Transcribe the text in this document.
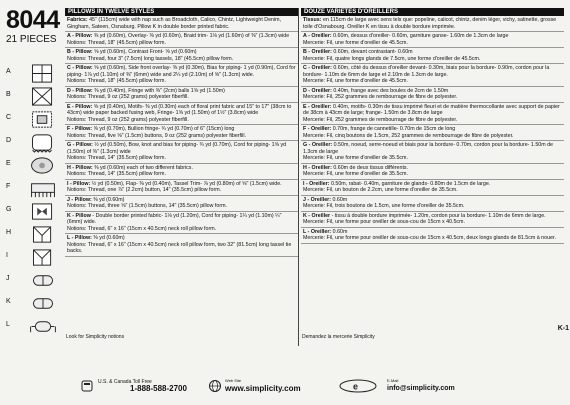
8044
21 PIECES
A
B
C
D
E
F
G
H
I
J
K
L
PILLOWS IN TWELVE STYLES
Fabrics: 45" (115cm) wide with nap such as Broadcloth, Calico, Chintz, Lightweight Denim, Gingham, Sateen, Osnaburg. Pillow K in double border printed fabric.
A - Pillow: ⅜ yd (0.60m), Overlay- ⅜ yd (0.60m), Braid trim- 1⅛ yd (1.60m) of ⅜" (1.3cm) wide
Notions: Thread, 18" (45.5cm) pillow form.
B - Pillow: ⅝ yd (0.60m), Contrast Front- ⅝ yd (0.60m)
Notions: Thread, four 3" (7.5cm) long tassels, 18" (45.5cm) pillow form.
C - Pillow: ⅝ yd (0.60m), Side front overlay- ⅜ yd (0.30m), Bias for piping- 1 yd (0.90m), Cord for piping- 1⅞ yd (1.10m) of ⅜" (6mm) wide and 2¼ yd (2.10m) of ⅝" (1.3cm) wide.
Notions: Thread, 18" (45.5cm) pillow form.
D - Pillow: ⅜ yd (0.40m), Fringe with ⅜" (2cm) balls 1⅝ yd (1.50m)
Notions: Thread, 9 oz (252 grams) polyester fiberfill.
E - Pillow: ⅝ yd (0.40m), Motifs- ⅜ yd (0.30m) each of floral print fabric and 15" to 17" (38cm to 43cm) wide paper backed fusing web, Fringe- 1⅝ yd (1.50m) of 1½" (3.8cm) wide
Notions: Thread, 9 oz (252 grams) polyester fiberfill.
F - Pillow: ⅝ yd (0.70m), Bullion fringe- ¾ yd (0.70m) of 6" (15cm) long
Notions: Thread, five ⅝" (1.5cm) buttons, 9 oz (252 grams) polyester fiberfill.
G - Pillow: ½ yd (0.50m), Bow, knot and bias for piping- ¾ yd (0.70m), Cord for piping- 1⅝ yd (1.50m) of ⅜" (1.3cm) wide
Notions: Thread, 14" (35.5cm) pillow form.
H - Pillow: ⅜ yd (0.60m) each of two different fabrics.
Notions: Thread, 14" (35.5cm) pillow form.
I - Pillow: ½ yd (0.50m), Flap- ⅜ yd (0.40m), Tassel Trim- ⅞ yd (0.80m) of ⅝" (1.5cm) wide.
Notions: Thread, one ⅞" (2.2cm) button, 14" (35.5cm) pillow form.
J - Pillow: ⅜ yd (0.60m)
Notions: Thread, three ⅝" (1.5cm) buttons, 14" (35.5cm) pillow form.
K - Pillow - Double border printed fabric- 1⅛ yd (1.20m), Cord for piping- 1¼ yd (1.10m) ¼" (6mm) wide.
Notions: Thread, 6" x 16" (15cm x 40.5cm) neck roll pillow form.
L - Pillow: ⅜ yd (0.60m)
Notions: Thread, 6" x 16" (15cm x 40.5cm) neck roll pillow form, two 32" (81.5cm) long tassel tie backs.
DOUZE VARIETES D'OREILLERS
Tissus: en 115cm de large avec sens tels que: popeline, calicot, chintz, denim léger, vichy, satinette, grosse toile d'Osnabourg. Oreiller K en tissu à double bordure imprimée.
A - Oreiller: 0.60m, dessus d'oreiller- 0.60m, garniture ganse- 1.60m de 1.3cm de large
Mercerie: Fil, une forme d'oreiller de 45.5cm.
B - Oreiller: 0.60m, devant contrastant- 0.60m
Mercerie: Fil, quatre longs glands de 7.5cm, une forme d'oreiller de 45.5cm.
C - Oreiller: 0.60m, côté du dessus d'oreiller devant- 0.30m, biais pour la bordure- 0.90m, cordon pour la bordure- 1.10m de 6mm de large et 2.10m de 1.3cm de large.
Mercerie: Fil, une forme d'oreiller de 45.5cm.
D - Oreiller: 0.40m, frange avec des boules de 2cm de 1.50m
Mercerie: Fil, 252 grammes de rembourrage de fibre de polyester.
E - Oreiller: 0.40m, motifs- 0.30m de tissu imprimé fleuri et de matière thermocollante avec support de papier de 38cm à 43cm de large; frange- 1.50m de 3.8cm de large
Mercerie: Fil, 252 grammes de rembourrage de fibre de polyester.
F - Oreiller: 0.70m, frange de cannetille- 0.70m de 15cm de long
Mercerie: Fil, cinq boutons de 1.5cm, 252 grammes de rembourrage de fibre de polyester.
G - Oreiller: 0.50m, noeud, serre-noeud et biais pour la bordure- 0.70m, cordon pour la bordure- 1.50m de 1.3cm de large
Mercerie: Fil, une forme d'oreiller de 35.5cm.
H - Oreiller: 0.60m de deux tissus différents.
Mercerie: Fil, une forme d'oreiller de 35.5cm.
I - Oreiller: 0.50m, rabat- 0.40m, garniture de glands- 0.80m de 1.5cm de large.
Mercerie: Fil, un bouton de 2.2cm, une forme d'oreiller de 35.5cm.
J - Oreiller: 0.60m
Mercerie: Fil, trois boutons de 1.5cm, une forme d'oreiller de 35.5cm.
K - Oreiller - tissu à double bordure imprimée- 1.20m, cordon pour la bordure- 1.10m de 6mm de large.
Mercerie: Fil, une forme pour oreiller de sous-cou de 15cm x 40.5cm.
L - Oreiller: 0.60m
Mercerie: Fil, une forme pour oreiller de sous-cou de 15cm x 40.5cm, deux longs glands de 81.5cm à nouer.
Look for Simplicity notions	Demandez la mercerie Simplicity
K-1
U.S. & Canada Toll Free
1-888-588-2700
Web Site
www.simplicity.com	e
E-Mail
info@simplicity.com
